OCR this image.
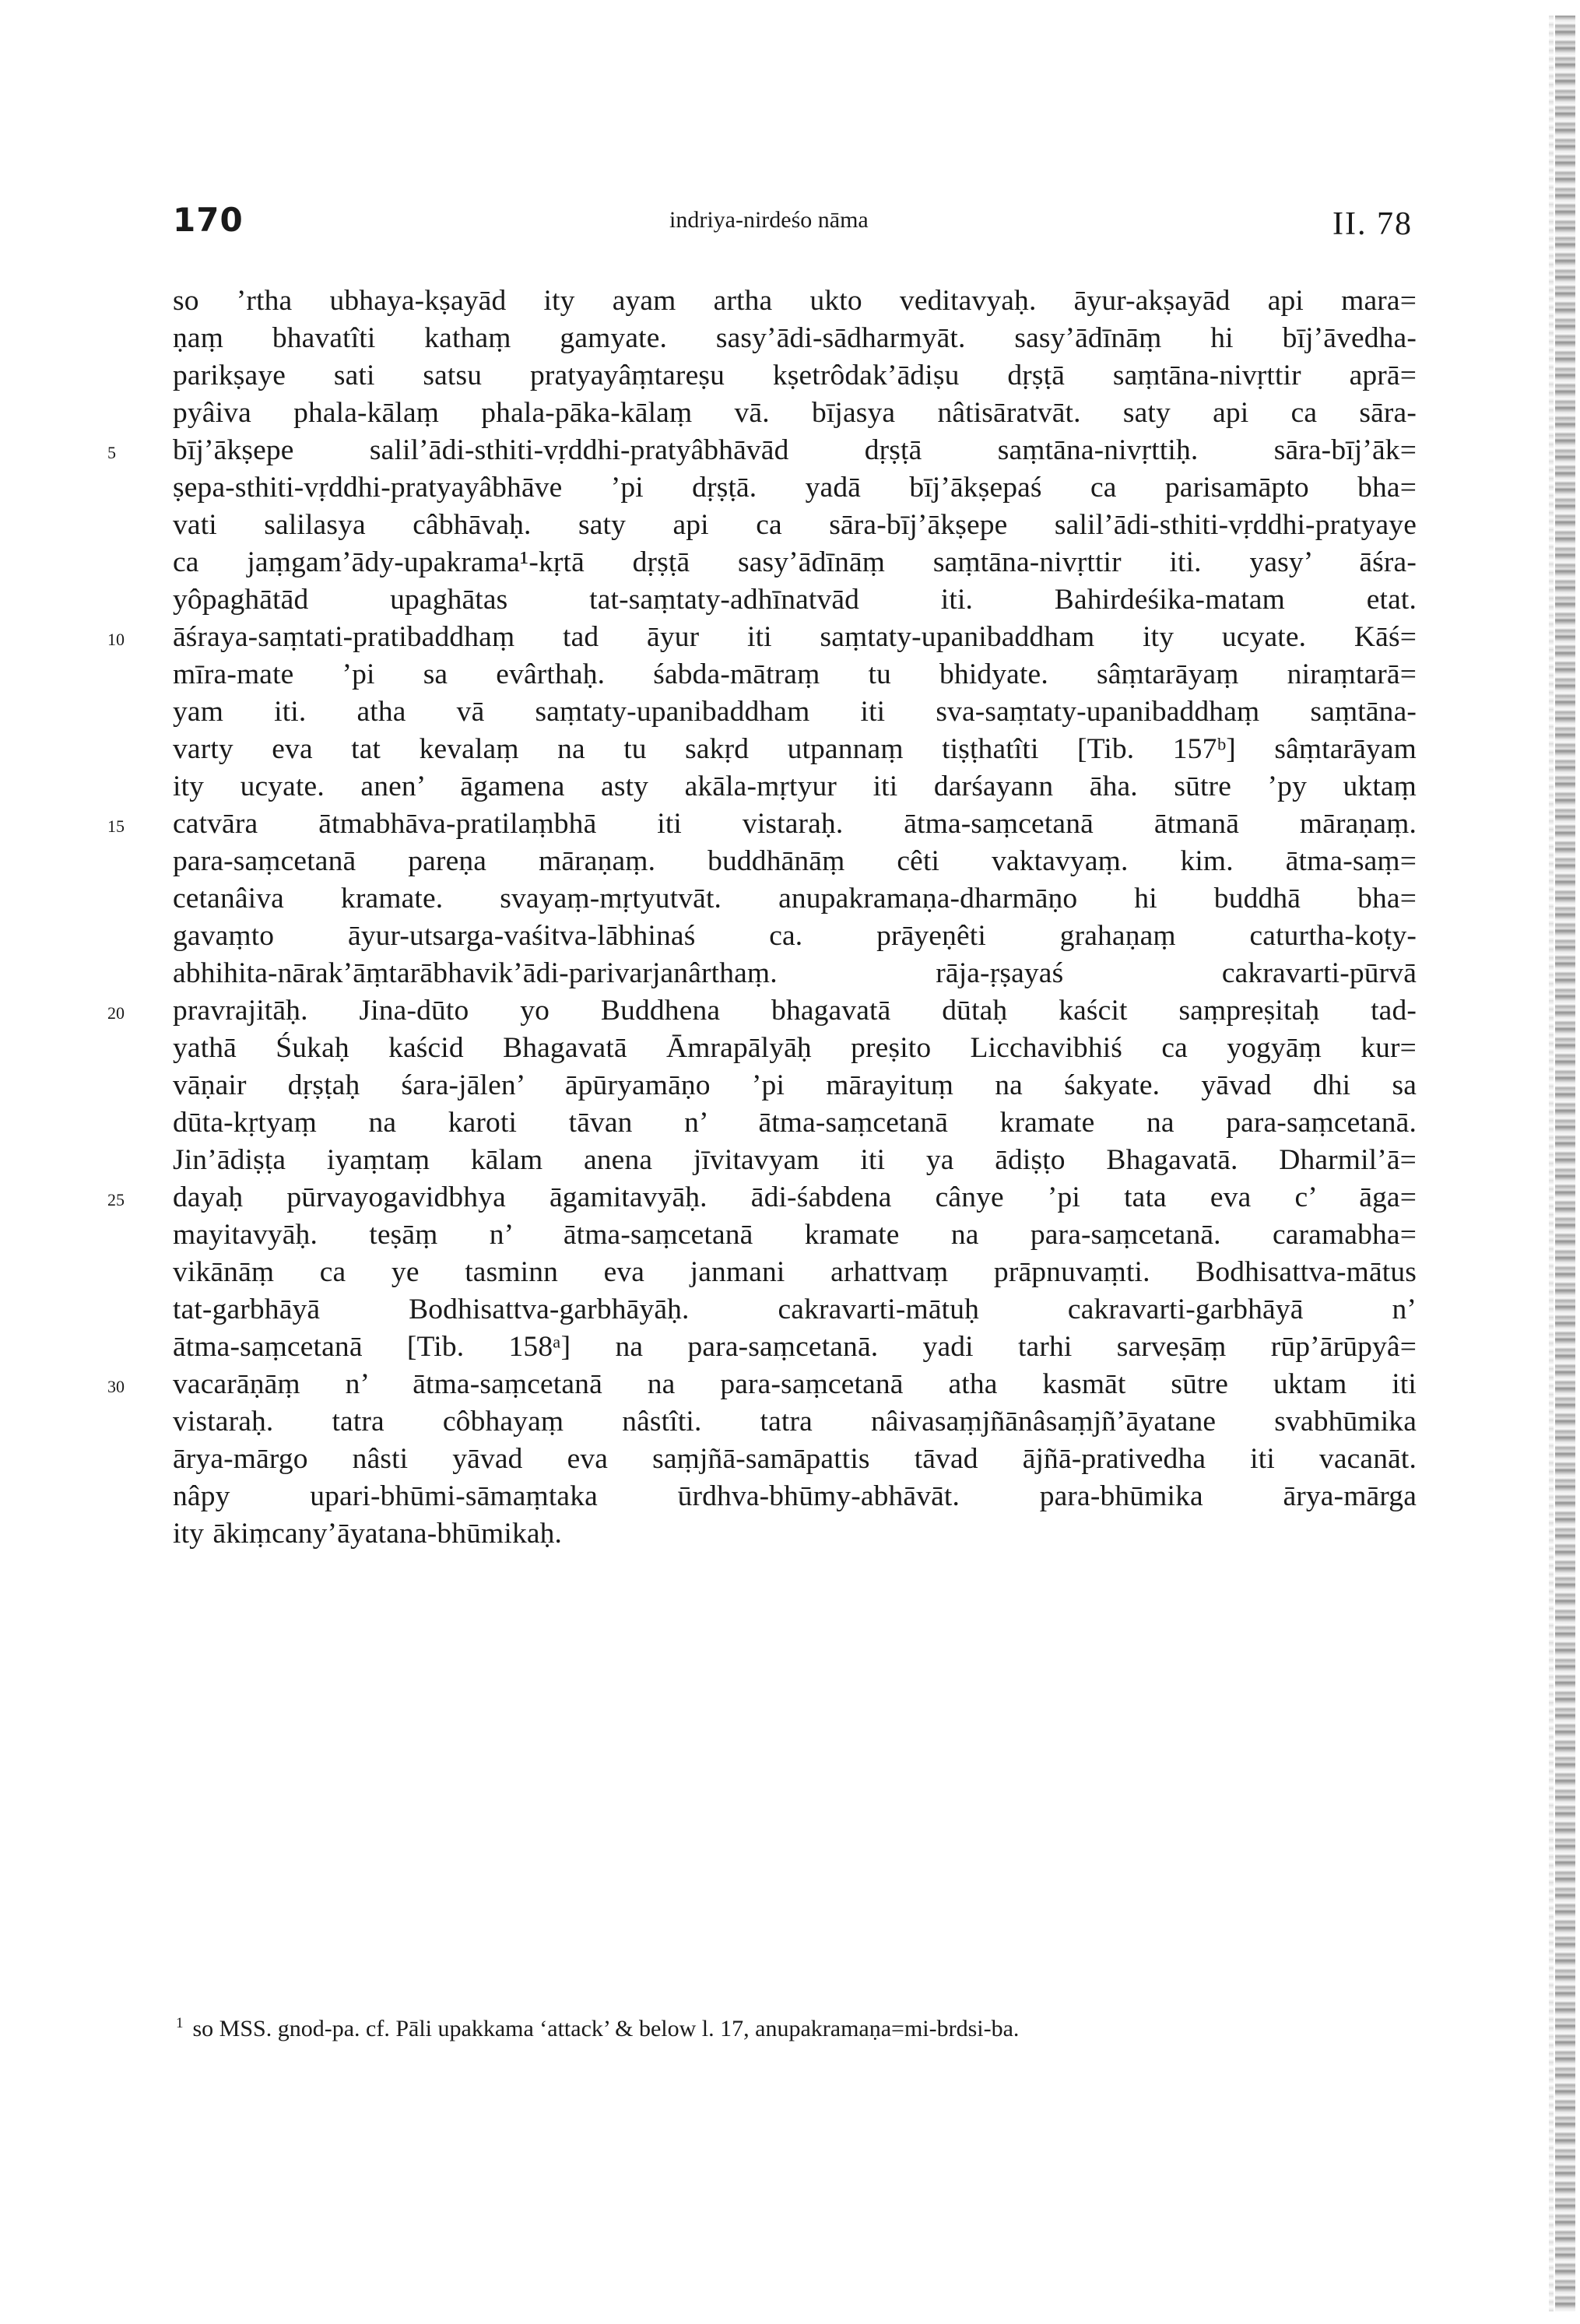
170	indriya-nirdeśo nāma	II. 78
so ’rtha ubhaya-kṣayād ity ayam artha ukto veditavyaḥ. āyur-akṣayād api mara=
ṇaṃ bhavatîti kathaṃ gamyate. sasy’ādi-sādharmyāt. sasy’ādīnāṃ hi bīj’āvedha-
parikṣaye sati satsu pratyayâṃtareṣu kṣetrôdak’ādiṣu dṛṣṭā saṃtāna-nivṛttir aprā=
pyâiva phala-kālaṃ phala-pāka-kālaṃ vā. bījasya nâtisāratvāt. saty api ca sāra-
5	bīj’ākṣepe salil’ādi-sthiti-vṛddhi-pratyâbhāvād dṛṣṭā saṃtāna-nivṛttiḥ. sāra-bīj’āk=
ṣepa-sthiti-vṛddhi-pratyayâbhāve ’pi dṛṣṭā. yadā bīj’ākṣepaś ca parisamāpto bha=
vati salilasya câbhāvaḥ. saty api ca sāra-bīj’ākṣepe salil’ādi-sthiti-vṛddhi-pratyaye
ca jaṃgam’ādy-upakrama¹-kṛtā dṛṣṭā sasy’ādīnāṃ saṃtāna-nivṛttir iti. yasy’ āśra-
yôpaghātād upaghātas tat-saṃtaty-adhīnatvād iti. Bahirdeśika-matam etat.
10	āśraya-saṃtati-pratibaddhaṃ tad āyur iti saṃtaty-upanibaddham ity ucyate. Kāś=
mīra-mate ’pi sa evârthaḥ. śabda-mātraṃ tu bhidyate. sâṃtarāyaṃ niraṃtarā=
yam iti. atha vā saṃtaty-upanibaddham iti sva-saṃtaty-upanibaddhaṃ saṃtāna-
varty eva tat kevalaṃ na tu sakṛd utpannaṃ tiṣṭhatîti [Tib. 157ᵇ] sâṃtarāyam
ity ucyate. anen’ āgamena asty akāla-mṛtyur iti darśayann āha. sūtre ’py uktaṃ
15	catvāra ātmabhāva-pratilaṃbhā iti vistaraḥ. ātma-saṃcetanā ātmanā māraṇaṃ.
para-saṃcetanā pareṇa māraṇaṃ. buddhānāṃ cêti vaktavyaṃ. kim. ātma-saṃ=
cetanâiva kramate. svayaṃ-mṛtyutvāt. anupakramaṇa-dharmāṇo hi buddhā bha=
gavaṃto āyur-utsarga-vaśitva-lābhinaś ca. prāyeṇêti grahaṇaṃ caturtha-koṭy-
abhihita-nārak’āṃtarābhavik’ādi-parivarjanârthaṃ. rāja-ṛṣayaś cakravarti-pūrvā
20	pravrajitāḥ. Jina-dūto yo Buddhena bhagavatā dūtaḥ kaścit saṃpreṣitaḥ tad-
yathā Śukaḥ kaścid Bhagavatā Āmrapālyāḥ preṣito Licchavibhiś ca yogyāṃ kur=
vāṇair dṛṣṭaḥ śara-jālen’ āpūryamāṇo ’pi mārayituṃ na śakyate. yāvad dhi sa
dūta-kṛtyaṃ na karoti tāvan n’ ātma-saṃcetanā kramate na para-saṃcetanā.
Jin’ādiṣṭa iyaṃtaṃ kālam anena jīvitavyam iti ya ādiṣṭo Bhagavatā. Dharmil’ā=
25	dayaḥ pūrvayogavidbhya āgamitavyāḥ. ādi-śabdena cânye ’pi tata eva c’ āga=
mayitavyāḥ. teṣāṃ n’ ātma-saṃcetanā kramate na para-saṃcetanā. caramabha=
vikānāṃ ca ye tasminn eva janmani arhattvaṃ prāpnuvaṃti. Bodhisattva-mātus
tat-garbhāyā Bodhisattva-garbhāyāḥ. cakravarti-mātuḥ cakravarti-garbhāyā n’
ātma-saṃcetanā [Tib. 158ᵃ] na para-saṃcetanā. yadi tarhi sarveṣāṃ rūp’ārūpyâ=
30	vacarāṇāṃ n’ ātma-saṃcetanā na para-saṃcetanā atha kasmāt sūtre uktam iti
vistaraḥ. tatra côbhayaṃ nâstîti. tatra nâivasaṃjñānâsaṃjñ’āyatane svabhūmika
ārya-mārgo nâsti yāvad eva saṃjñā-samāpattis tāvad ājñā-prativedha iti vacanāt.
nâpy upari-bhūmi-sāmaṃtaka ūrdhva-bhūmy-abhāvāt. para-bhūmika ārya-mārga
ity ākiṃcany’āyatana-bhūmikaḥ.
$^1$ so MSS. gnod-pa. cf. Pāli upakkama ‘attack’ & below l. 17, anupakramaṇa=mi-brdsi-ba.
